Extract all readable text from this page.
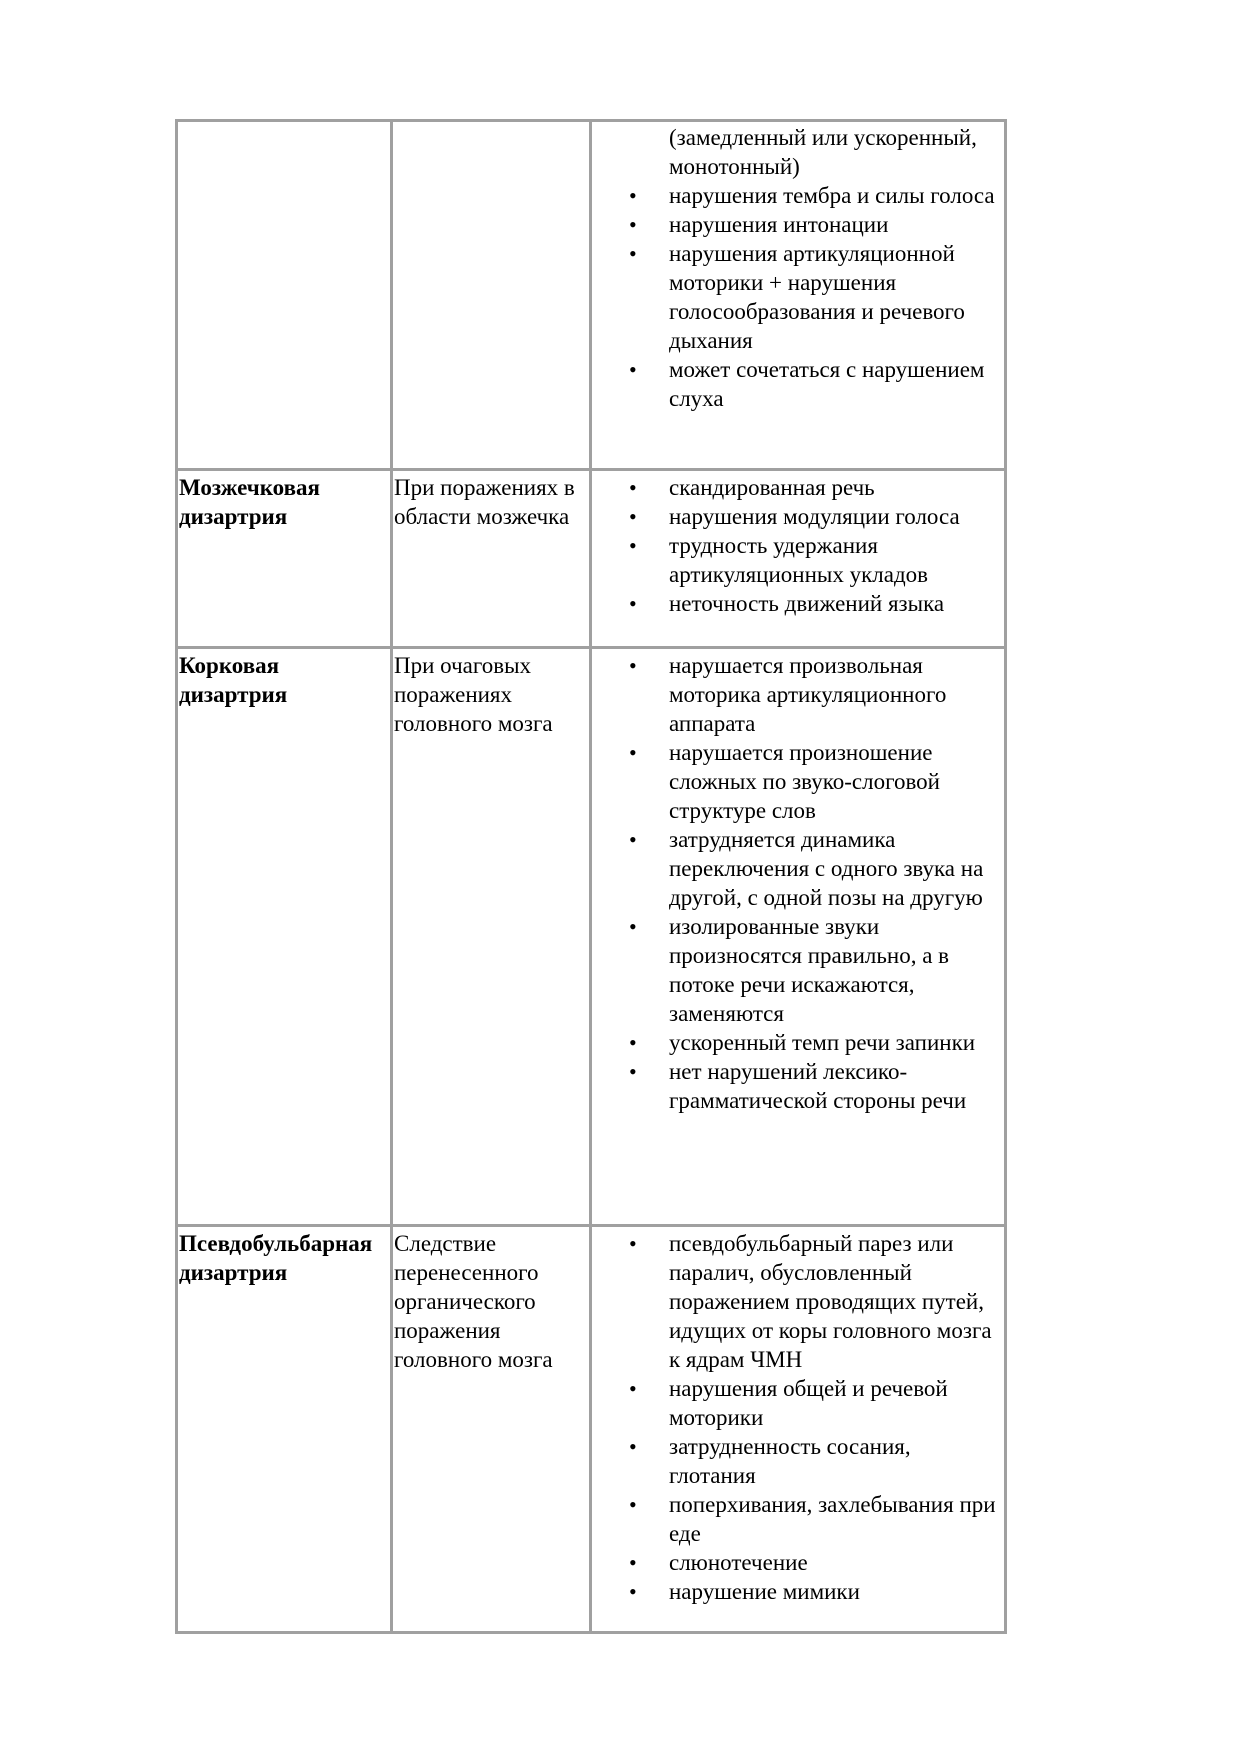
(замедленный или ускоренный, монотонный)
• нарушения тембра и силы голоса
• нарушения интонации
• нарушения артикуляционной моторики + нарушения голосообразования и речевого дыхания
• может сочетаться с нарушением слуха
Мозжечковая дизартрия
При поражениях в области мозжечка
• скандированная речь
• нарушения модуляции голоса
• трудность удержания артикуляционных укладов
• неточность движений языка
Корковая дизартрия
При очаговых поражениях головного мозга
• нарушается произвольная моторика артикуляционного аппарата
• нарушается произношение сложных по звуко-слоговой структуре слов
• затрудняется динамика переключения с одного звука на другой, с одной позы на другую
• изолированные звуки произносятся правильно, а в потоке речи искажаются, заменяются
• ускоренный темп речи запинки
• нет нарушений лексико-грамматической стороны речи
Псевдобульбарная дизартрия
Следствие перенесенного органического поражения головного мозга
• псевдобульбарный парез или паралич, обусловленный поражением проводящих путей, идущих от коры головного мозга к ядрам ЧМН
• нарушения общей и речевой моторики
• затрудненность сосания, глотания
• поперхивания, захлебывания при еде
• слюнотечение
• нарушение мимики
